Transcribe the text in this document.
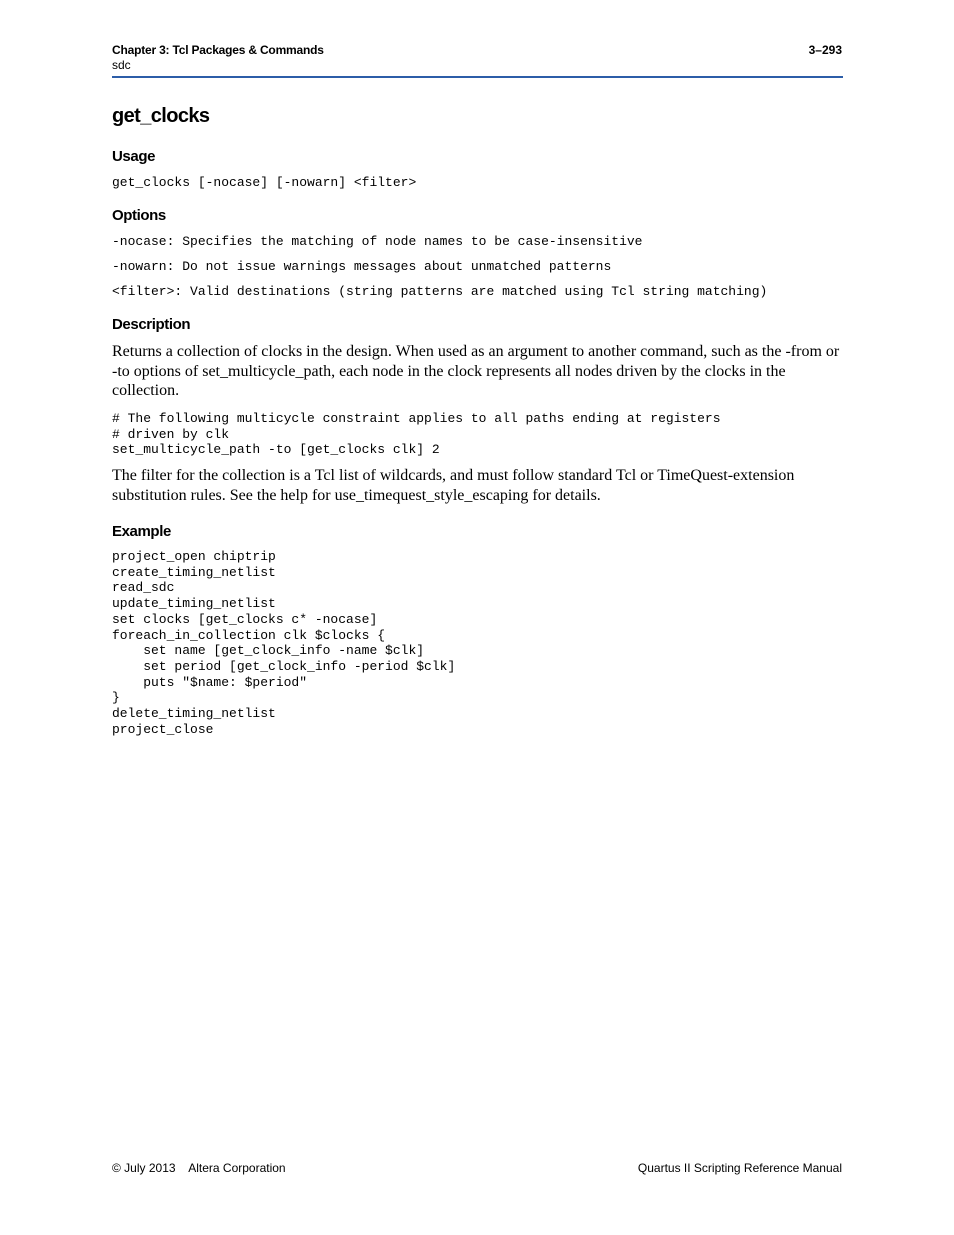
Chapter 3: Tcl Packages & Commands
sdc
3–293
get_clocks
Usage
get_clocks [-nocase] [-nowarn] <filter>
Options
-nocase: Specifies the matching of node names to be case-insensitive
-nowarn: Do not issue warnings messages about unmatched patterns
<filter>: Valid destinations (string patterns are matched using Tcl string matching)
Description

Returns a collection of clocks in the design. When used as an argument to another command, such as the -from or -to options of set_multicycle_path, each node in the clock represents all nodes driven by the clocks in the collection.

# The following multicycle constraint applies to all paths ending at registers
# driven by clk
set_multicycle_path -to [get_clocks clk] 2

The filter for the collection is a Tcl list of wildcards, and must follow standard Tcl or TimeQuest-extension substitution rules. See the help for use_timequest_style_escaping for details.

Example
project_open chiptrip
create_timing_netlist
read_sdc
update_timing_netlist
set clocks [get_clocks c* -nocase]
foreach_in_collection clk $clocks {
set name [get_clock_info -name $clk]
set period [get_clock_info -period $clk]
puts "$name: $period"
}
delete_timing_netlist
project_close
© July 2013    Altera Corporation	Quartus II Scripting Reference Manual
